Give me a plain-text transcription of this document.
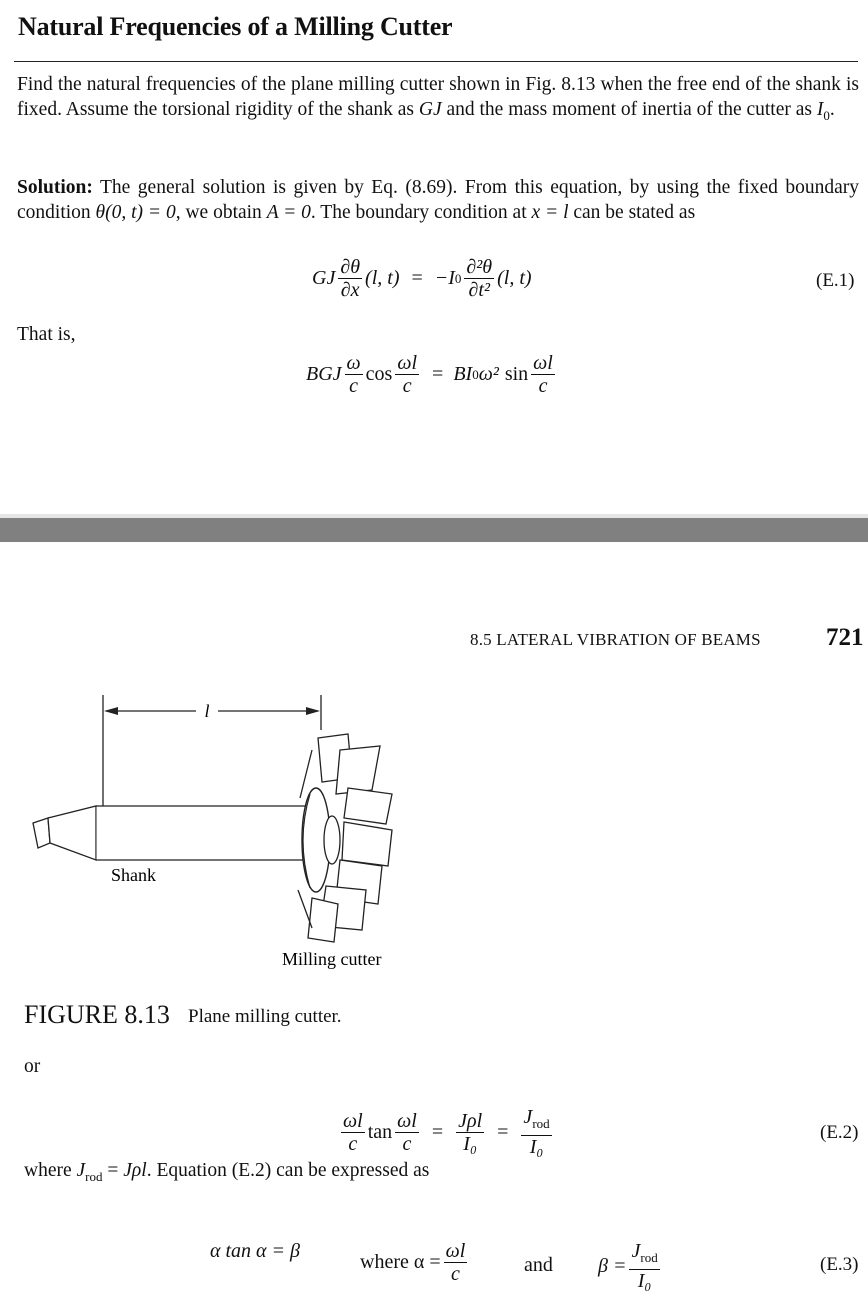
Natural Frequencies of a Milling Cutter
Find the natural frequencies of the plane milling cutter shown in Fig. 8.13 when the free end of the shank is fixed. Assume the torsional rigidity of the shank as GJ and the mass moment of inertia of the cutter as $I_0$.
Solution: The general solution is given by Eq. (8.69). From this equation, by using the fixed boundary condition θ(0, t) = 0, we obtain A = 0. The boundary condition at x = l can be stated as
GJ $\frac{\partial\theta}{\partial x} (l$, t) = −I $0 \frac{\text{∂²θ}}{\text{∂t²}} (l$, t)	(E.1)
That is,
BGJ $\frac{\omega}{c}$ $\cos \frac{\omega l}{c}$ = BI 0 ω² $\sin \frac{\omega l}{c}$
8.5 LATERAL VIBRATION OF BEAMS	721
l
Shank
Milling cutter
FIGURE 8.13 Plane milling cutter.
or
$\frac{\omega l}{c}$ $\tan \frac{\omega l}{c} = \frac{\text{Jρl}}{\text{I₀}} = \frac{J_{rod}}{\text{I₀}}$	(E.2)
where $J_{rod} = J\rho l$. Equation (E.2) can be expressed as
α tan α = β	where $\alpha = \frac{\omega l}{c}$	and $\beta = \frac{J_{rod}}{\text{I₀}}$	(E.3)
